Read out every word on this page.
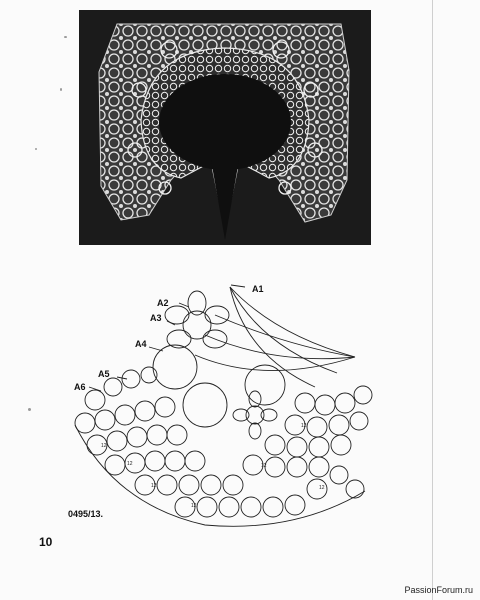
12
12
12
12
12
12
12
A1
A2
A3
A4
A5
A6
0495/13.
10
PassionForum.ru
